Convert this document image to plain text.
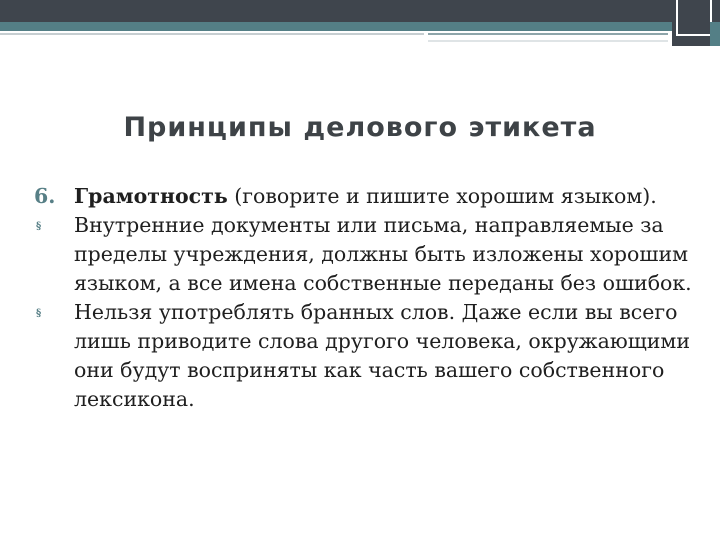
Принципы делового этикета
6. Грамотность (говорите и пишите хорошим языком).
§ Внутренние документы или письма, направляемые за пределы учреждения, должны быть изложены хорошим языком, а все имена собственные переданы без ошибок.
§ Нельзя употреблять бранных слов. Даже если вы всего лишь приводите слова другого человека, окружающими они будут восприняты как часть вашего собственного лексикона.
